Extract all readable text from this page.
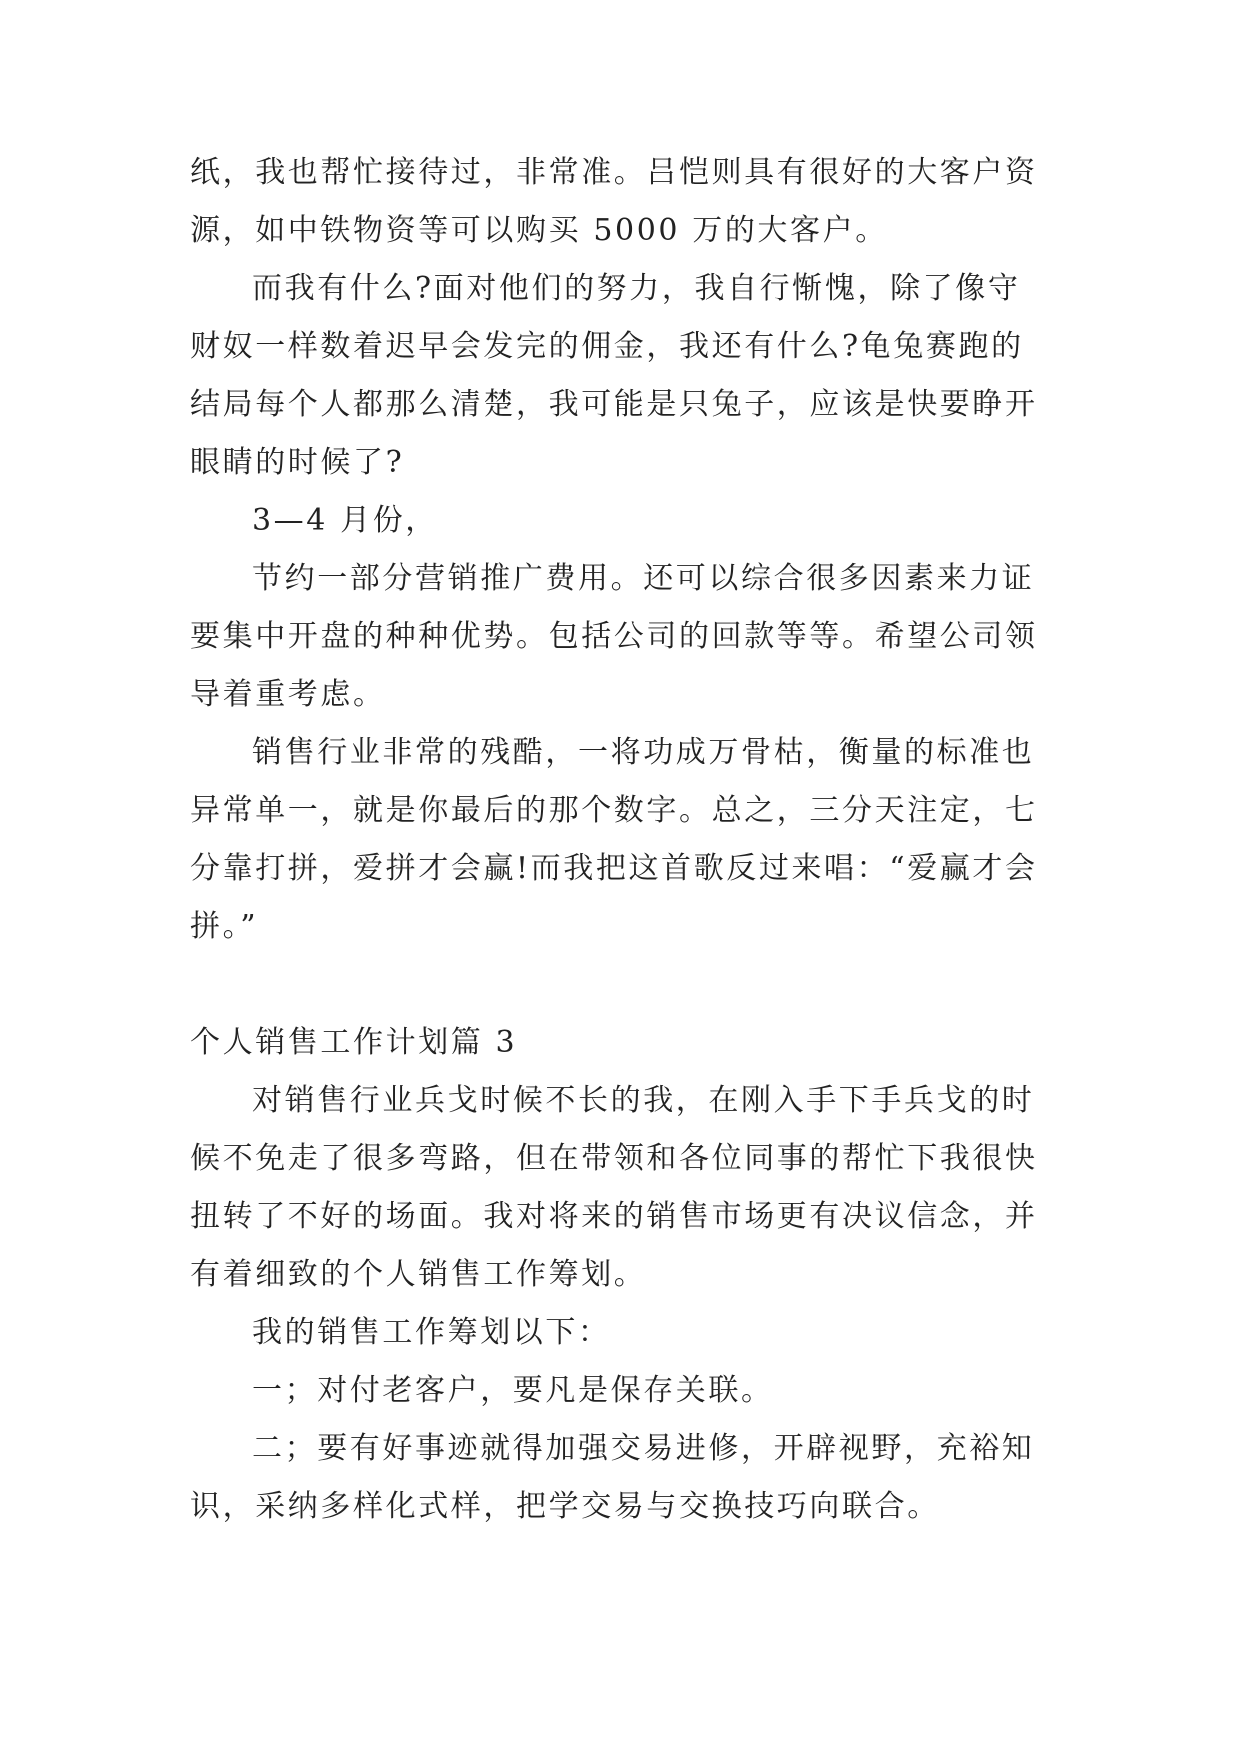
纸，我也帮忙接待过，非常准。吕恺则具有很好的大客户资
源，如中铁物资等可以购买 5000 万的大客户。
而我有什么?面对他们的努力，我自行惭愧，除了像守
财奴一样数着迟早会发完的佣金，我还有什么?龟兔赛跑的
结局每个人都那么清楚，我可能是只兔子，应该是快要睁开
眼睛的时候了?
3—4 月份，
节约一部分营销推广费用。还可以综合很多因素来力证
要集中开盘的种种优势。包括公司的回款等等。希望公司领
导着重考虑。
销售行业非常的残酷，一将功成万骨枯，衡量的标准也
异常单一，就是你最后的那个数字。总之，三分天注定，七
分靠打拼，爱拼才会赢!而我把这首歌反过来唱：“爱赢才会
拼。”
个人销售工作计划篇 3
对销售行业兵戈时候不长的我，在刚入手下手兵戈的时
候不免走了很多弯路，但在带领和各位同事的帮忙下我很快
扭转了不好的场面。我对将来的销售市场更有决议信念，并
有着细致的个人销售工作筹划。
我的销售工作筹划以下：
一；对付老客户，要凡是保存关联。
二；要有好事迹就得加强交易进修，开辟视野，充裕知
识，采纳多样化式样，把学交易与交换技巧向联合。
